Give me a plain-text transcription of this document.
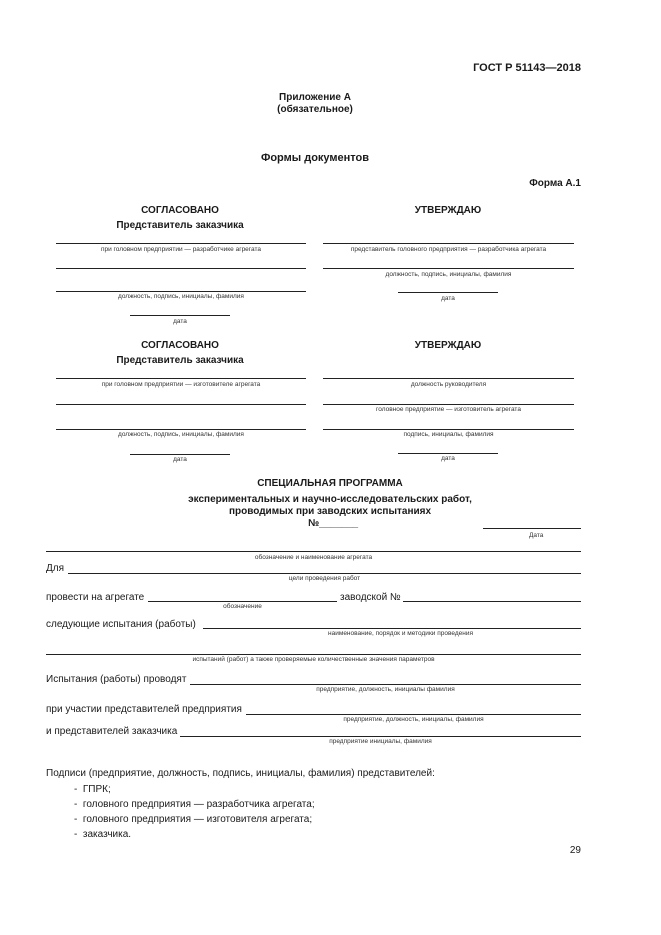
ГОСТ Р 51143—2018
Приложение А
(обязательное)
Формы документов
Форма А.1
СОГЛАСОВАНО
Представитель заказчика
при головном предприятии — разработчике агрегата
должность, подпись, инициалы, фамилия
дата
УТВЕРЖДАЮ
представитель головного предприятия — разработчика агрегата
должность, подпись, инициалы, фамилия
дата
СОГЛАСОВАНО
Представитель заказчика
при головном предприятии — изготовителе агрегата
должность, подпись, инициалы, фамилия
дата
УТВЕРЖДАЮ
должность руководителя
головное предприятие — изготовитель агрегата
подпись, инициалы, фамилия
дата
СПЕЦИАЛЬНАЯ ПРОГРАММА
экспериментальных и научно-исследовательских работ,
проводимых при заводских испытаниях
№_______
Дата
обозначение и наименование агрегата
Для
цели проведения работ
провести на агрегате
обозначение
заводской №
следующие испытания (работы)
наименование, порядок и методики проведения
испытаний (работ) а также проверяемые количественные значения параметров
Испытания (работы) проводят
предприятие, должность, инициалы фамилия
при участии представителей предприятия
предприятие, должность, инициалы, фамилия
и представителей заказчика
предприятие инициалы, фамилия
Подписи (предприятие, должность, подпись, инициалы, фамилия) представителей:
-  ГПРК;
-  головного предприятия — разработчика агрегата;
-  головного предприятия — изготовителя агрегата;
-  заказчика.
29
